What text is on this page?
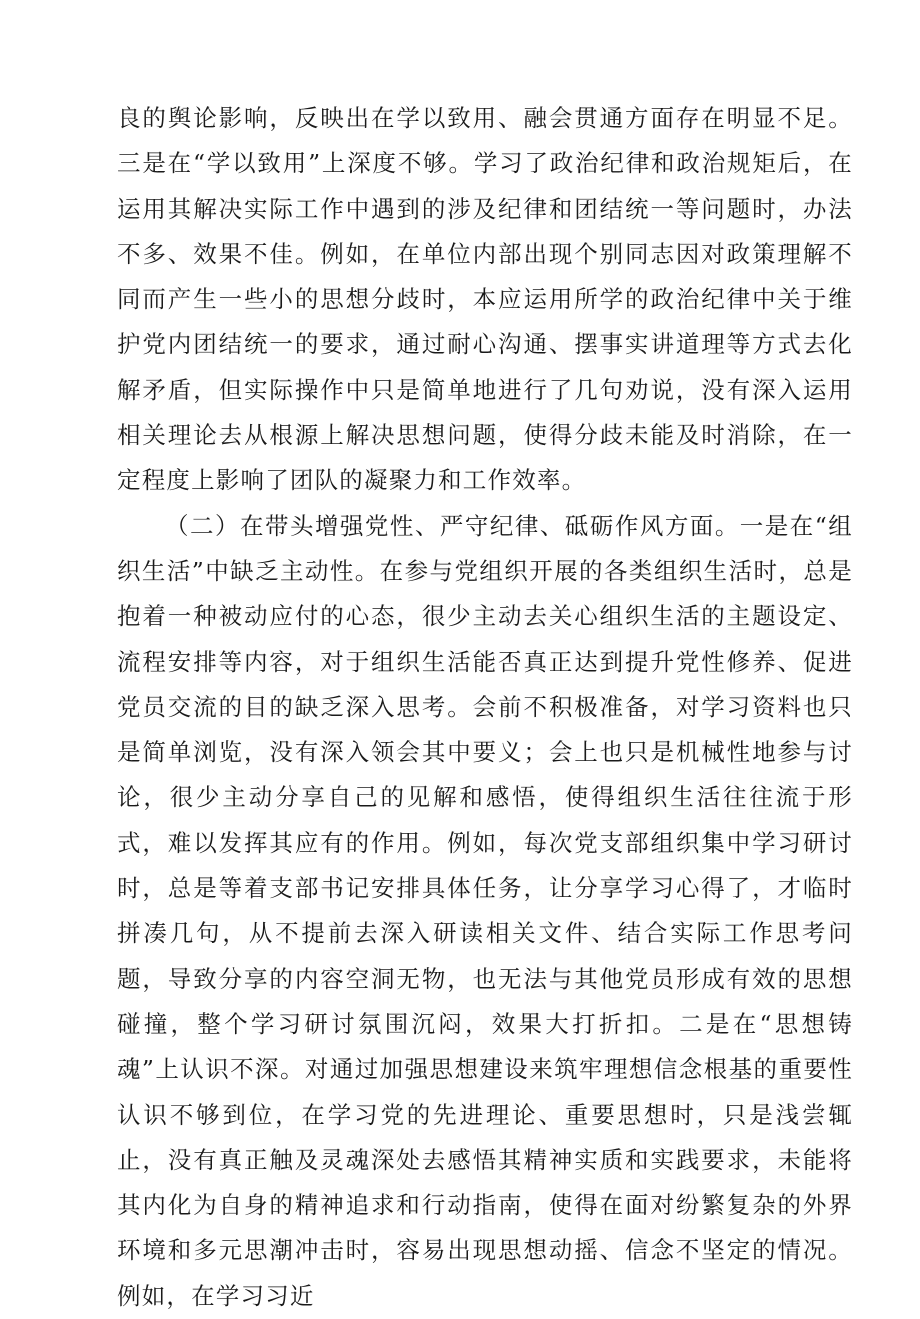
良的舆论影响，反映出在学以致用、融会贯通方面存在明显不足。三是在“学以致用”上深度不够。学习了政治纪律和政治规矩后，在运用其解决实际工作中遇到的涉及纪律和团结统一等问题时，办法不多、效果不佳。例如，在单位内部出现个别同志因对政策理解不同而产生一些小的思想分歧时，本应运用所学的政治纪律中关于维护党内团结统一的要求，通过耐心沟通、摆事实讲道理等方式去化解矛盾，但实际操作中只是简单地进行了几句劝说，没有深入运用相关理论去从根源上解决思想问题，使得分歧未能及时消除，在一定程度上影响了团队的凝聚力和工作效率。

（二）在带头增强党性、严守纪律、砥砺作风方面。一是在“组织生活”中缺乏主动性。在参与党组织开展的各类组织生活时，总是抱着一种被动应付的心态，很少主动去关心组织生活的主题设定、流程安排等内容，对于组织生活能否真正达到提升党性修养、促进党员交流的目的缺乏深入思考。会前不积极准备，对学习资料也只是简单浏览，没有深入领会其中要义；会上也只是机械性地参与讨论，很少主动分享自己的见解和感悟，使得组织生活往往流于形式，难以发挥其应有的作用。例如，每次党支部组织集中学习研讨时，总是等着支部书记安排具体任务，让分享学习心得了，才临时拼凑几句，从不提前去深入研读相关文件、结合实际工作思考问题，导致分享的内容空洞无物，也无法与其他党员形成有效的思想碰撞，整个学习研讨氛围沉闷，效果大打折扣。二是在“思想铸魂”上认识不深。对通过加强思想建设来筑牢理想信念根基的重要性认识不够到位，在学习党的先进理论、重要思想时，只是浅尝辄止，没有真正触及灵魂深处去感悟其精神实质和实践要求，未能将其内化为自身的精神追求和行动指南，使得在面对纷繁复杂的外界环境和多元思潮冲击时，容易出现思想动摇、信念不坚定的情况。例如，在学习习近
